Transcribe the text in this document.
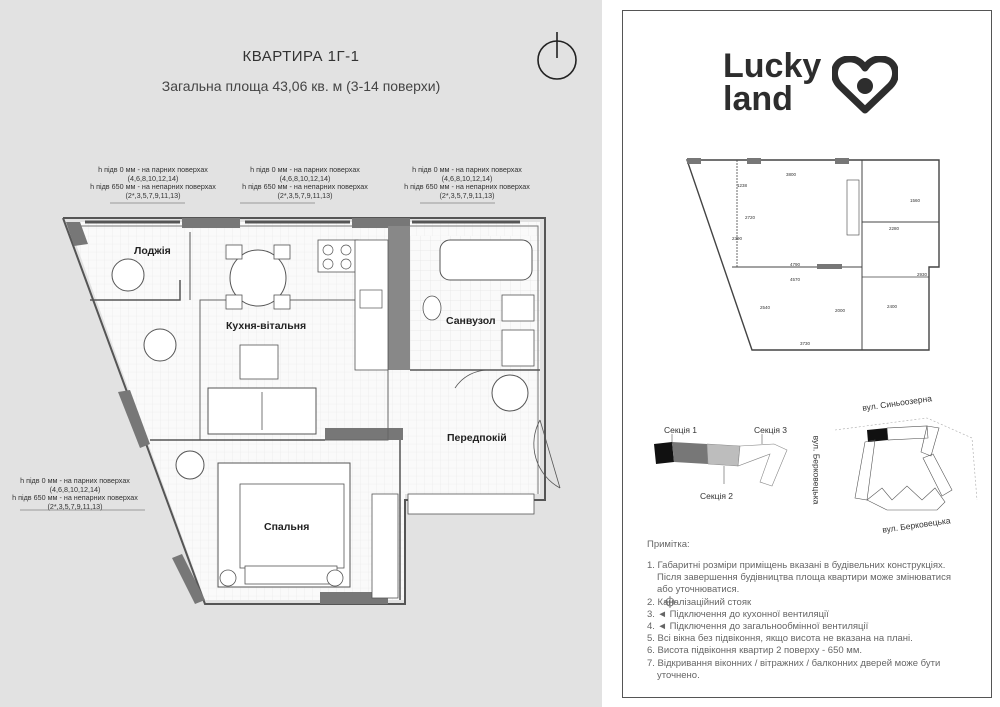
КВАРТИРА 1Г-1
Загальна площа 43,06 кв. м (3-14 поверхи)
h підв 0 мм - на парних поверхах
(4,6,8,10,12,14)
h підв 650 мм - на непарних поверхах
(2*,3,5,7,9,11,13)
h підв 0 мм - на парних поверхах
(4,6,8,10,12,14)
h підв 650 мм - на непарних поверхах
(2*,3,5,7,9,11,13)
h підв 0 мм - на парних поверхах
(4,6,8,10,12,14)
h підв 650 мм - на непарних поверхах
(2*,3,5,7,9,11,13)
h підв 0 мм - на парних поверхах
(4,6,8,10,12,14)
h підв 650 мм - на непарних поверхах
(2*,3,5,7,9,11,13)
Лоджія
Кухня-вітальня	Санвузол
Передпокій
Спальня
Lucky
land
1238
3800
1560
2720
2280
2390
4790
2930
4570
2540	2400
2000
3730
Секція 1	Секція 3
Секція 2
вул. Синьоозерна
вул. Берковецька
вул. Берковецька
Примітка:
1. Габаритні розміри приміщень вказані в будівельних конструкціях.
Після завершення будівництва площа квартири може змінюватися
або уточнюватися.
2. Каналізаційний стояк
3. ◄ Підключення до кухонної вентиляції
4. ◄ Підключення до загальнообмінної вентиляції
5. Всі вікна без підвіконня, якщо висота не вказана на плані.
6. Висота підвіконня квартир 2 поверху - 650 мм.
7. Відкривання віконних / вітражних / балконних дверей може бути
уточнено.
